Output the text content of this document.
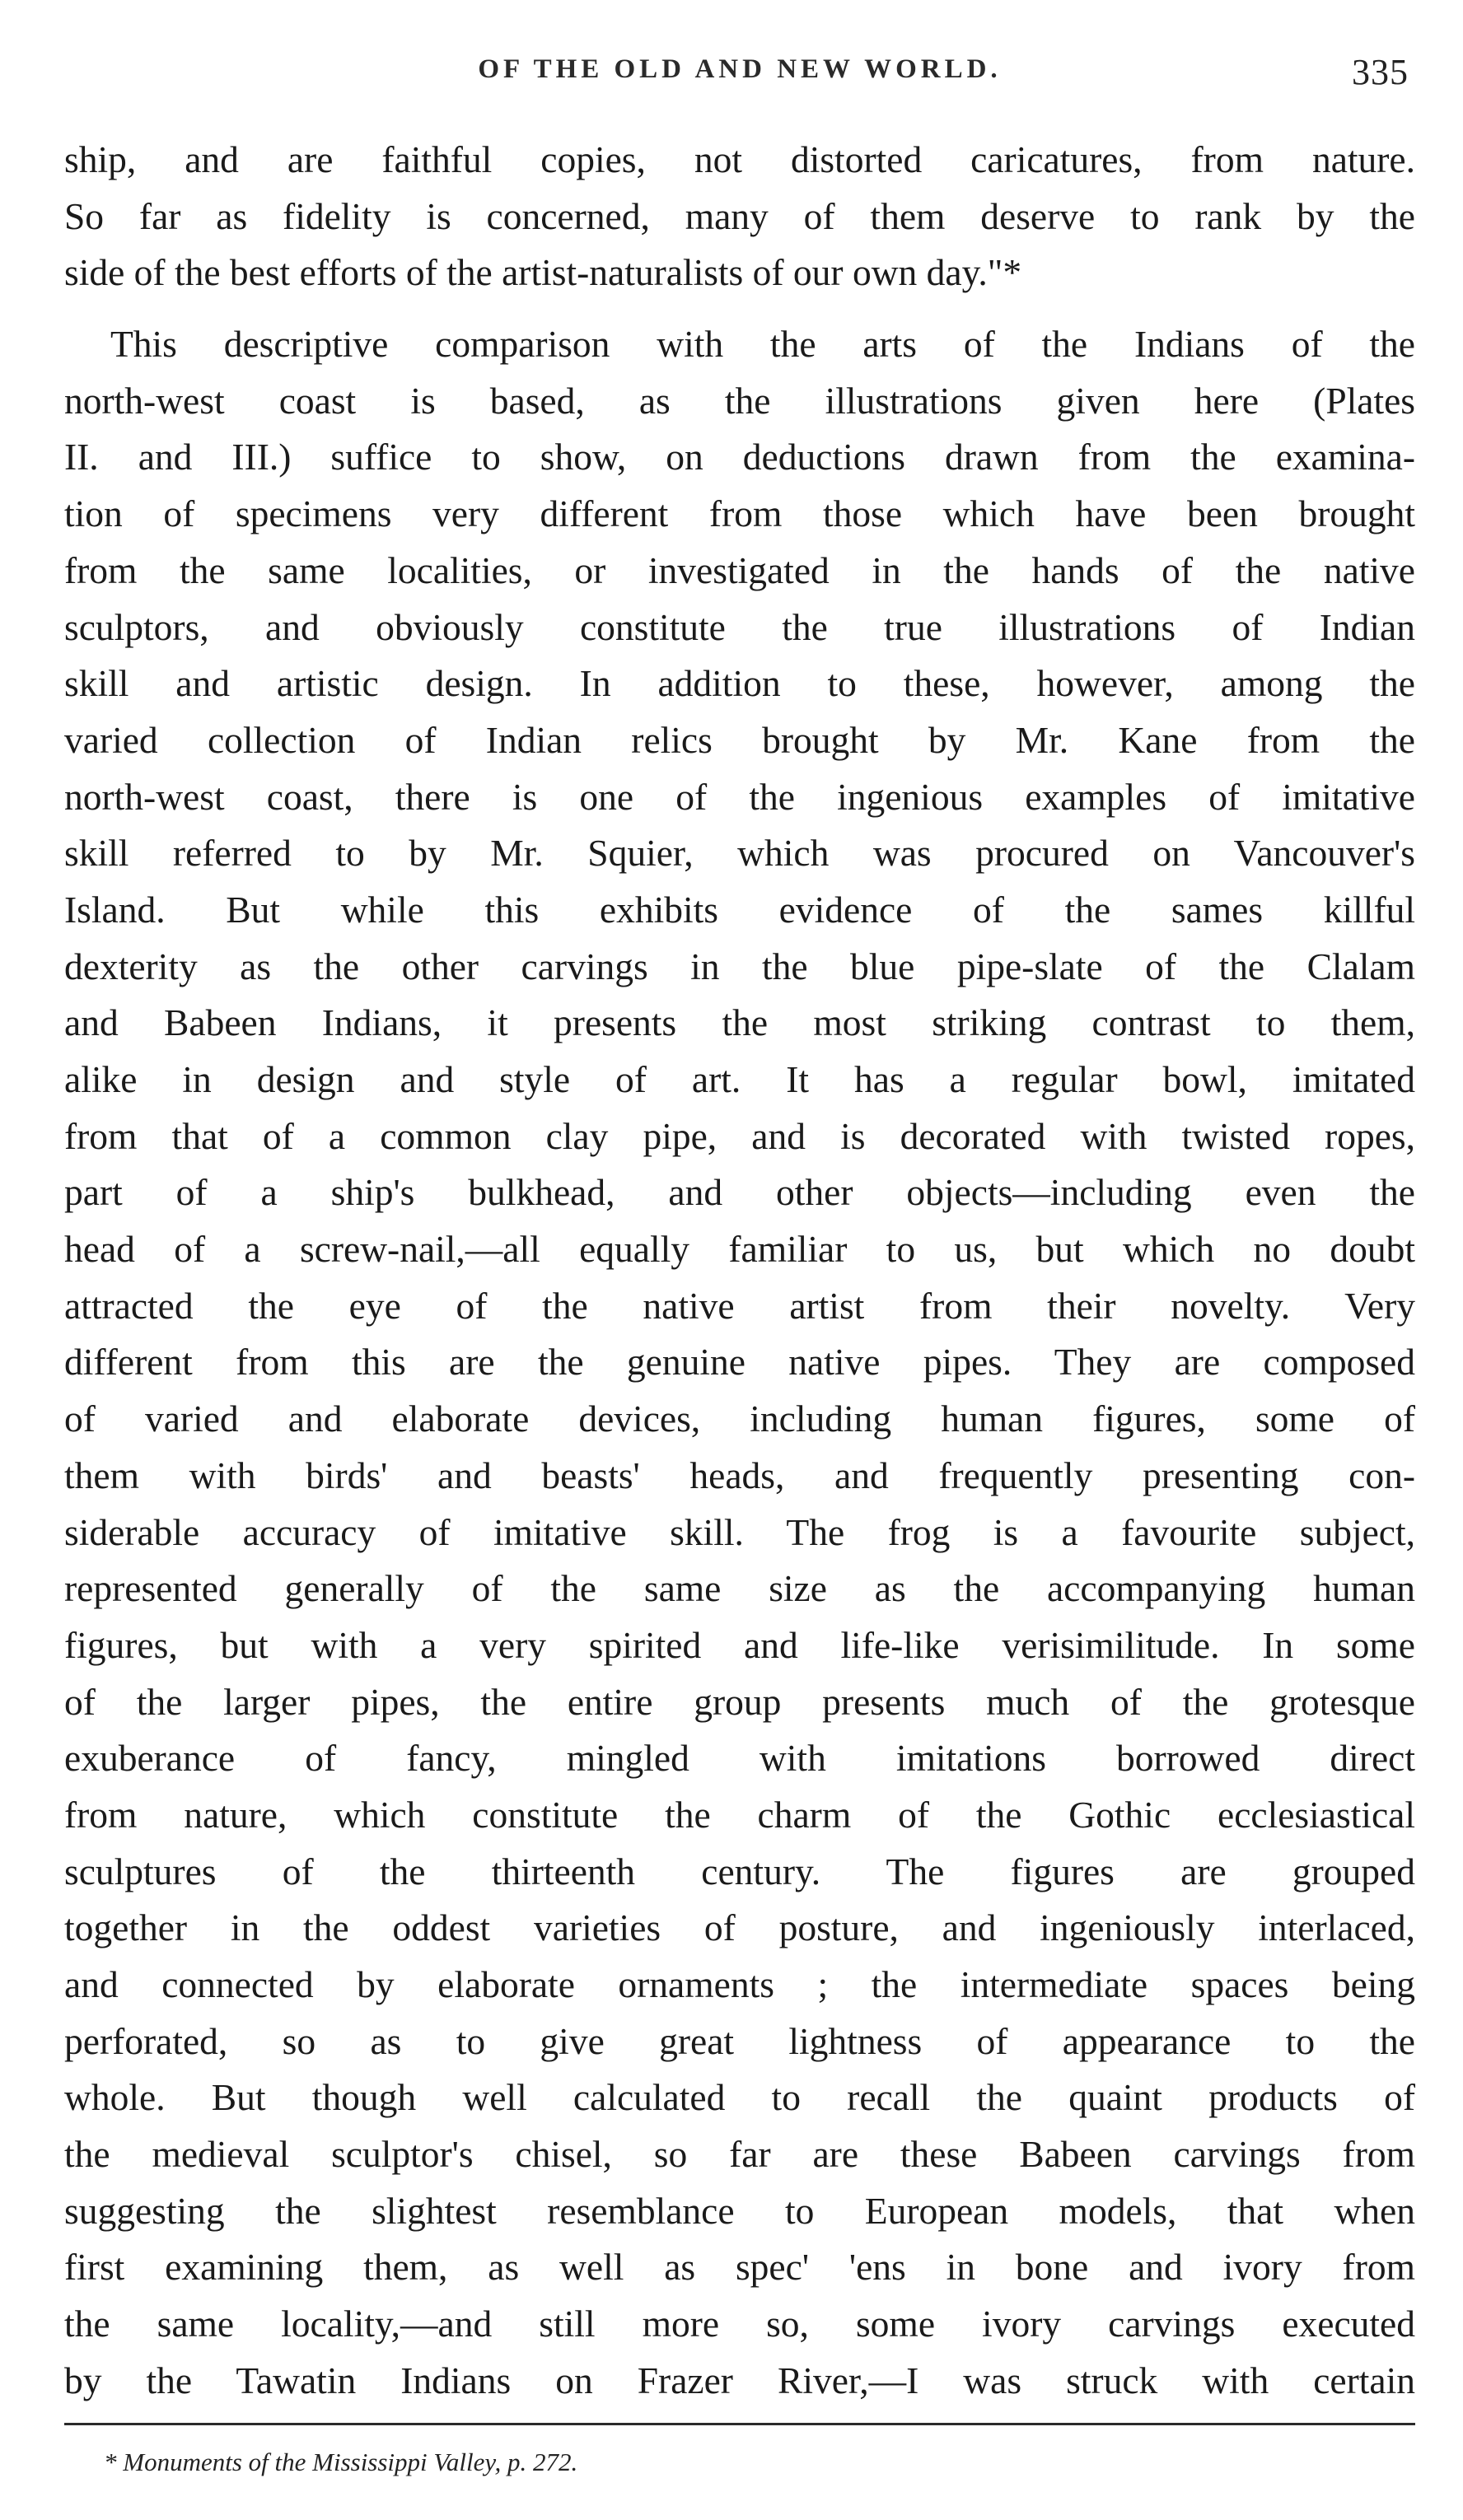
OF THE OLD AND NEW WORLD.	335
ship, and are faithful copies, not distorted caricatures, from nature.
So far as fidelity is concerned, many of them deserve to rank by the
side of the best efforts of the artist-naturalists of our own day."*
This descriptive comparison with the arts of the Indians of the
north-west coast is based, as the illustrations given here (Plates
II. and III.) suffice to show, on deductions drawn from the examina-
tion of specimens very different from those which have been brought
from the same localities, or investigated in the hands of the native
sculptors, and obviously constitute the true illustrations of Indian
skill and artistic design. In addition to these, however, among the
varied collection of Indian relics brought by Mr. Kane from the
north-west coast, there is one of the ingenious examples of imitative
skill referred to by Mr. Squier, which was procured on Vancouver's
Island. But while this exhibits evidence of the sames killful
dexterity as the other carvings in the blue pipe-slate of the Clalam
and Babeen Indians, it presents the most striking contrast to them,
alike in design and style of art. It has a regular bowl, imitated
from that of a common clay pipe, and is decorated with twisted ropes,
part of a ship's bulkhead, and other objects—including even the
head of a screw-nail,—all equally familiar to us, but which no doubt
attracted the eye of the native artist from their novelty. Very
different from this are the genuine native pipes. They are composed
of varied and elaborate devices, including human figures, some of
them with birds' and beasts' heads, and frequently presenting con-
siderable accuracy of imitative skill. The frog is a favourite subject,
represented generally of the same size as the accompanying human
figures, but with a very spirited and life-like verisimilitude. In some
of the larger pipes, the entire group presents much of the grotesque
exuberance of fancy, mingled with imitations borrowed direct
from nature, which constitute the charm of the Gothic ecclesiastical
sculptures of the thirteenth century. The figures are grouped
together in the oddest varieties of posture, and ingeniously interlaced,
and connected by elaborate ornaments ; the intermediate spaces being
perforated, so as to give great lightness of appearance to the
whole. But though well calculated to recall the quaint products of
the medieval sculptor's chisel, so far are these Babeen carvings from
suggesting the slightest resemblance to European models, that when
first examining them, as well as spec' 'ens in bone and ivory from
the same locality,—and still more so, some ivory carvings executed
by the Tawatin Indians on Frazer River,—I was struck with certain
* Monuments of the Mississippi Valley, p. 272.
